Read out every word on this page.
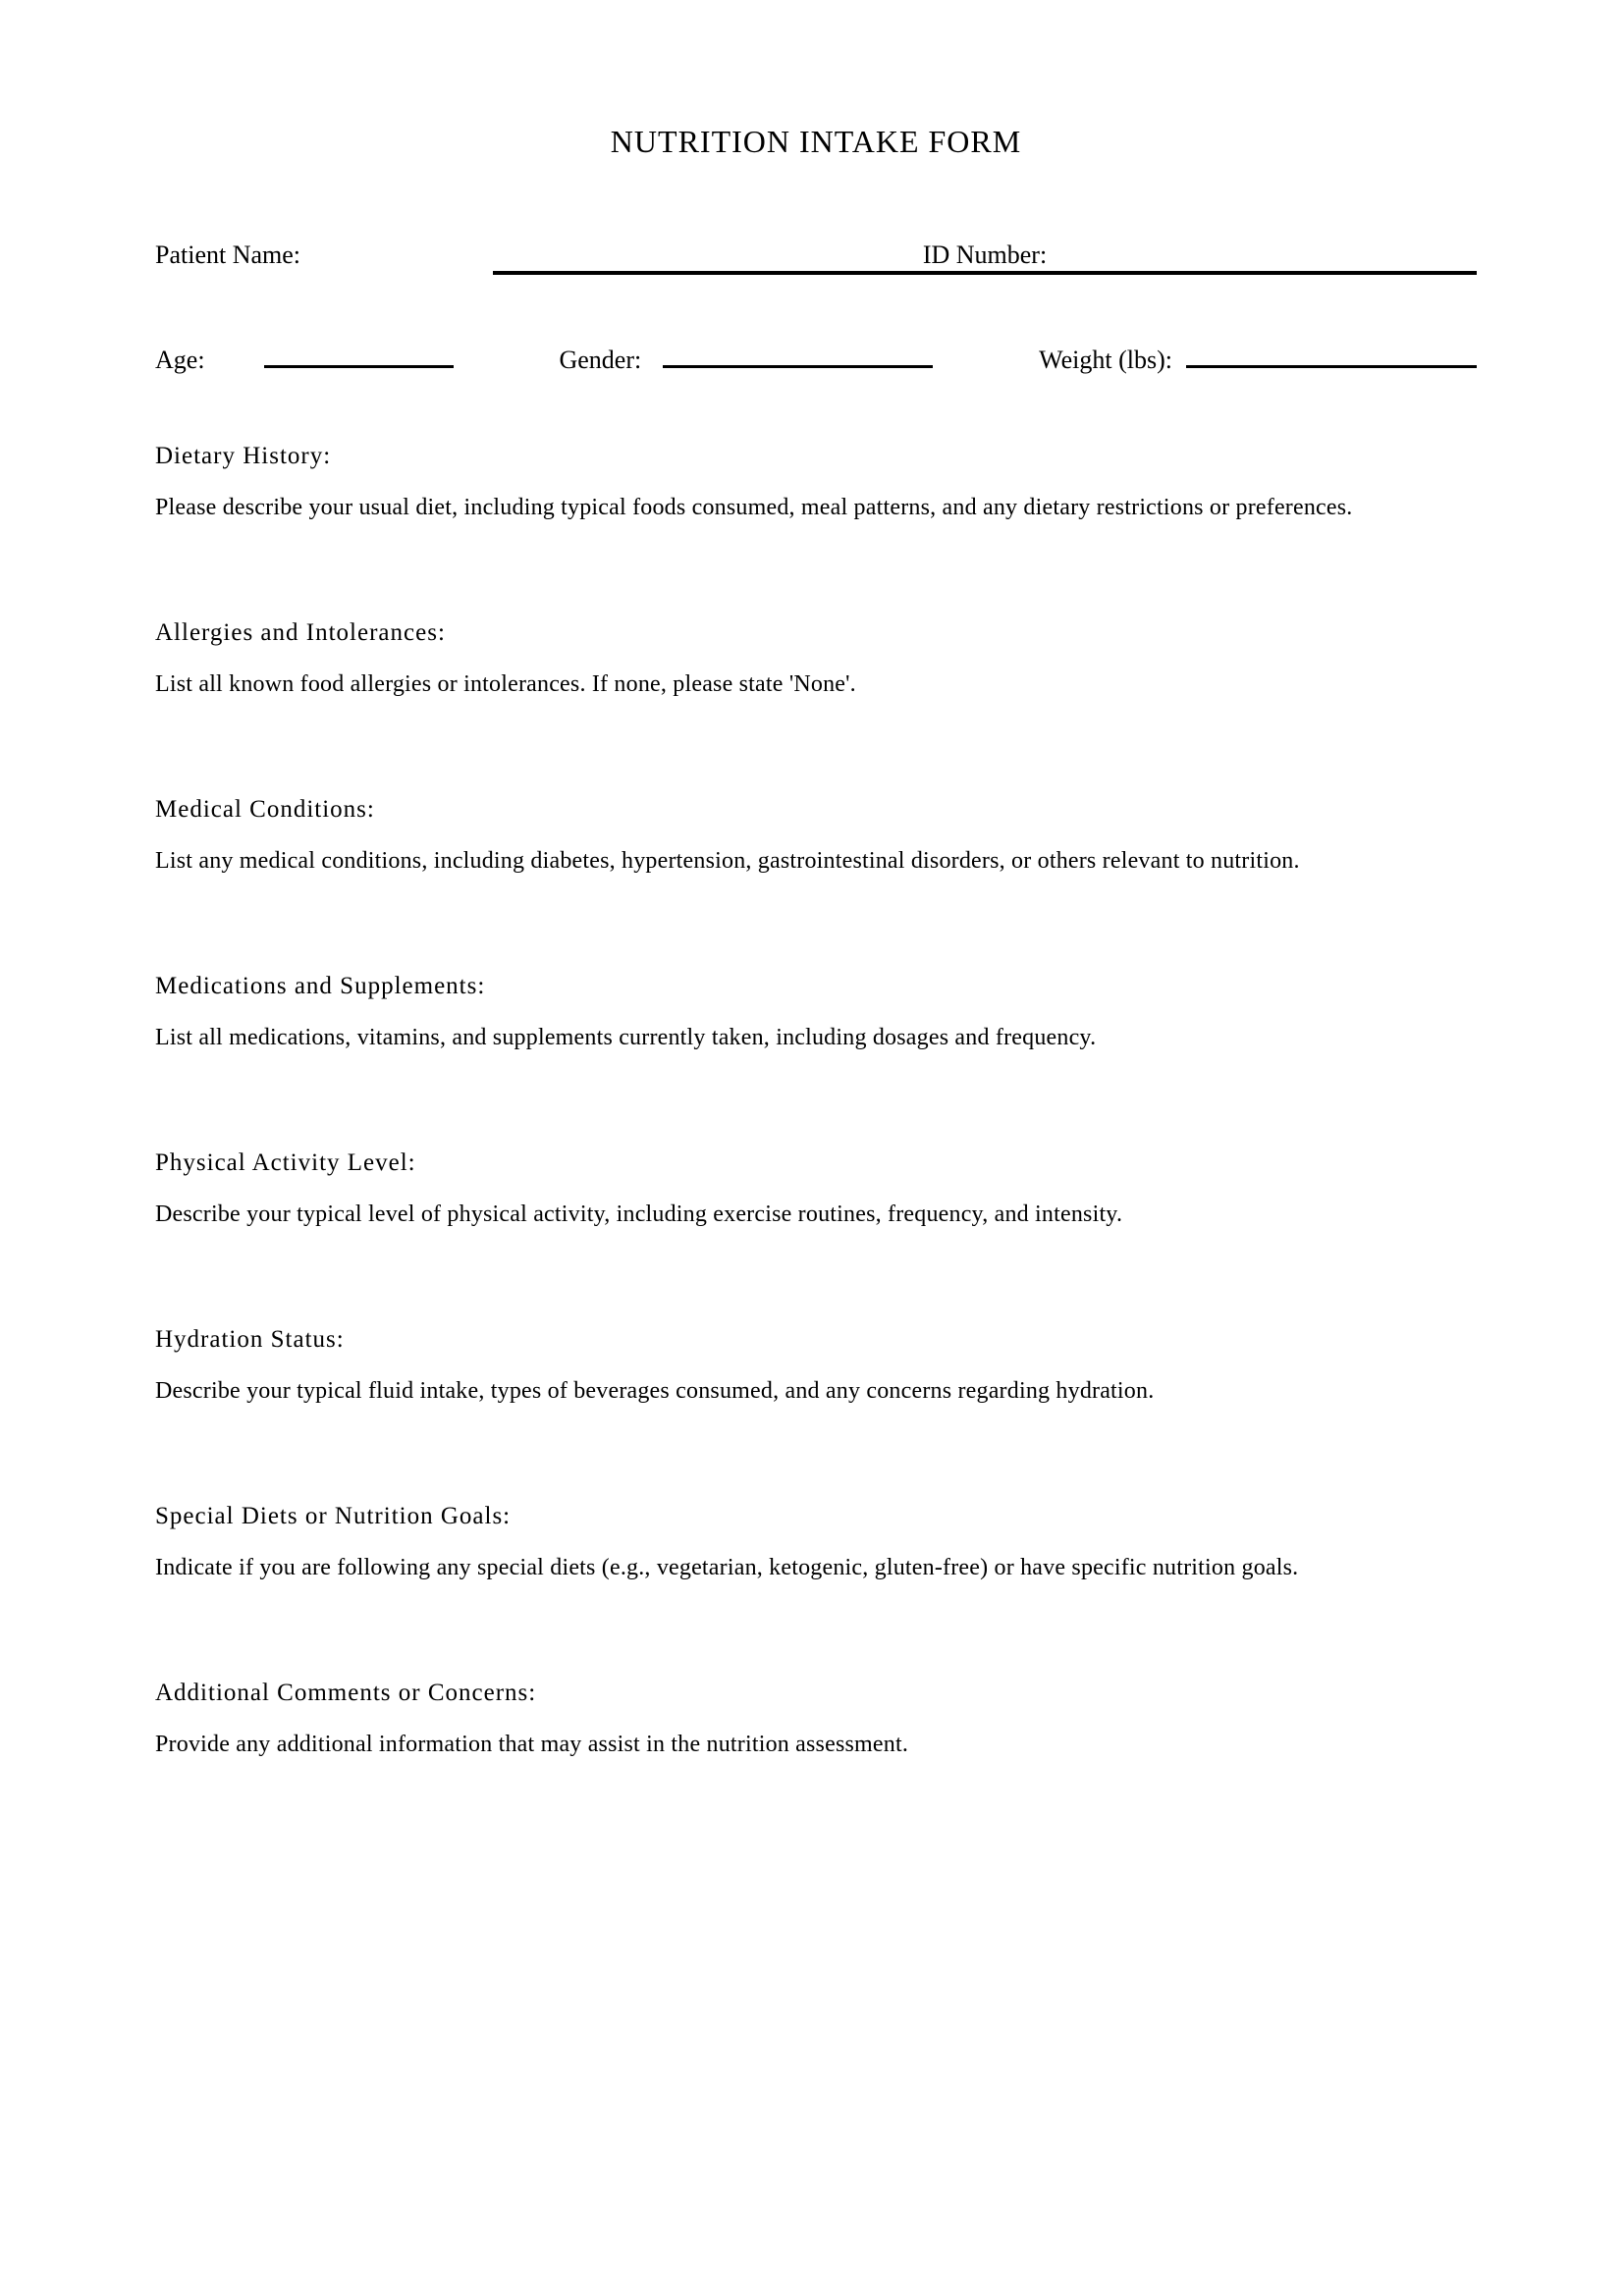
NUTRITION INTAKE FORM
Patient Name:	ID Number:
Age:	Gender:	Weight (lbs):
Dietary History:

Please describe your usual diet, including typical foods consumed, meal patterns, and any dietary restrictions or preferences.

Allergies and Intolerances:

List all known food allergies or intolerances. If none, please state 'None'.

Medical Conditions:

List any medical conditions, including diabetes, hypertension, gastrointestinal disorders, or others relevant to nutrition.

Medications and Supplements:

List all medications, vitamins, and supplements currently taken, including dosages and frequency.

Physical Activity Level:

Describe your typical level of physical activity, including exercise routines, frequency, and intensity.

Hydration Status:

Describe your typical fluid intake, types of beverages consumed, and any concerns regarding hydration.

Special Diets or Nutrition Goals:

Indicate if you are following any special diets (e.g., vegetarian, ketogenic, gluten-free) or have specific nutrition goals.

Additional Comments or Concerns:

Provide any additional information that may assist in the nutrition assessment.
